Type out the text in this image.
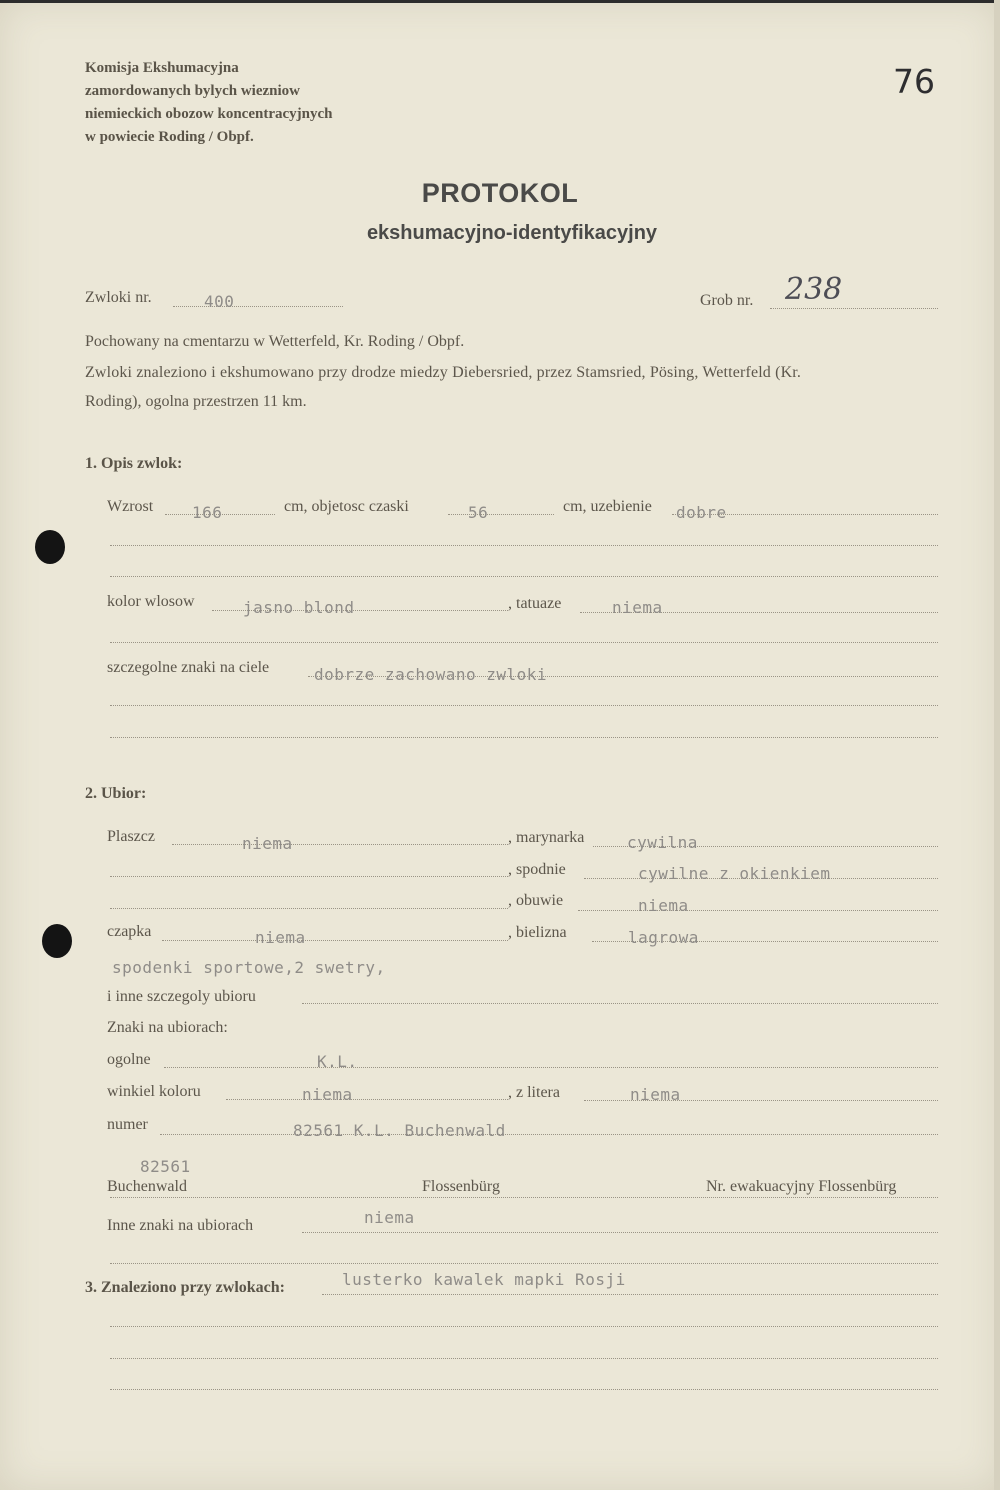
76
Komisja Ekshumacyjna
zamordowanych bylych wiezniow
niemieckich obozow koncentracyjnych
w powiecie Roding / Obpf.
PROTOKOL
ekshumacyjno-identyfikacyjny
Zwloki nr.	400	Grob nr. 238
Pochowany na cmentarzu w Wetterfeld, Kr. Roding / Obpf.
Zwloki znaleziono i ekshumowano przy drodze miedzy Diebersried, przez Stamsried, Pösing, Wetterfeld (Kr.
Roding), ogolna przestrzen 11 km.
1. Opis zwlok:
Wzrost 166	cm, objetosc czaski	56	cm, uzebienie dobre
kolor wlosow	jasno blond	, tatuaze	niema
szczegolne znaki na ciele	dobrze zachowano zwloki
2. Ubior:
Plaszcz	niema	, marynarka	cywilna
, spodnie	cywilne z okienkiem
, obuwie	niema
czapka	niema	, bielizna	lagrowa
spodenki sportowe,2 swetry,
i inne szczegoly ubioru
Znaki na ubiorach:
ogolne	K.L.
winkiel koloru	niema	, z litera	niema
numer	82561 K.L. Buchenwald
82561
Buchenwald	Flossenbürg	Nr. ewakuacyjny Flossenbürg
Inne znaki na ubiorach	niema
3. Znaleziono przy zwlokach:	lusterko kawalek mapki Rosji
